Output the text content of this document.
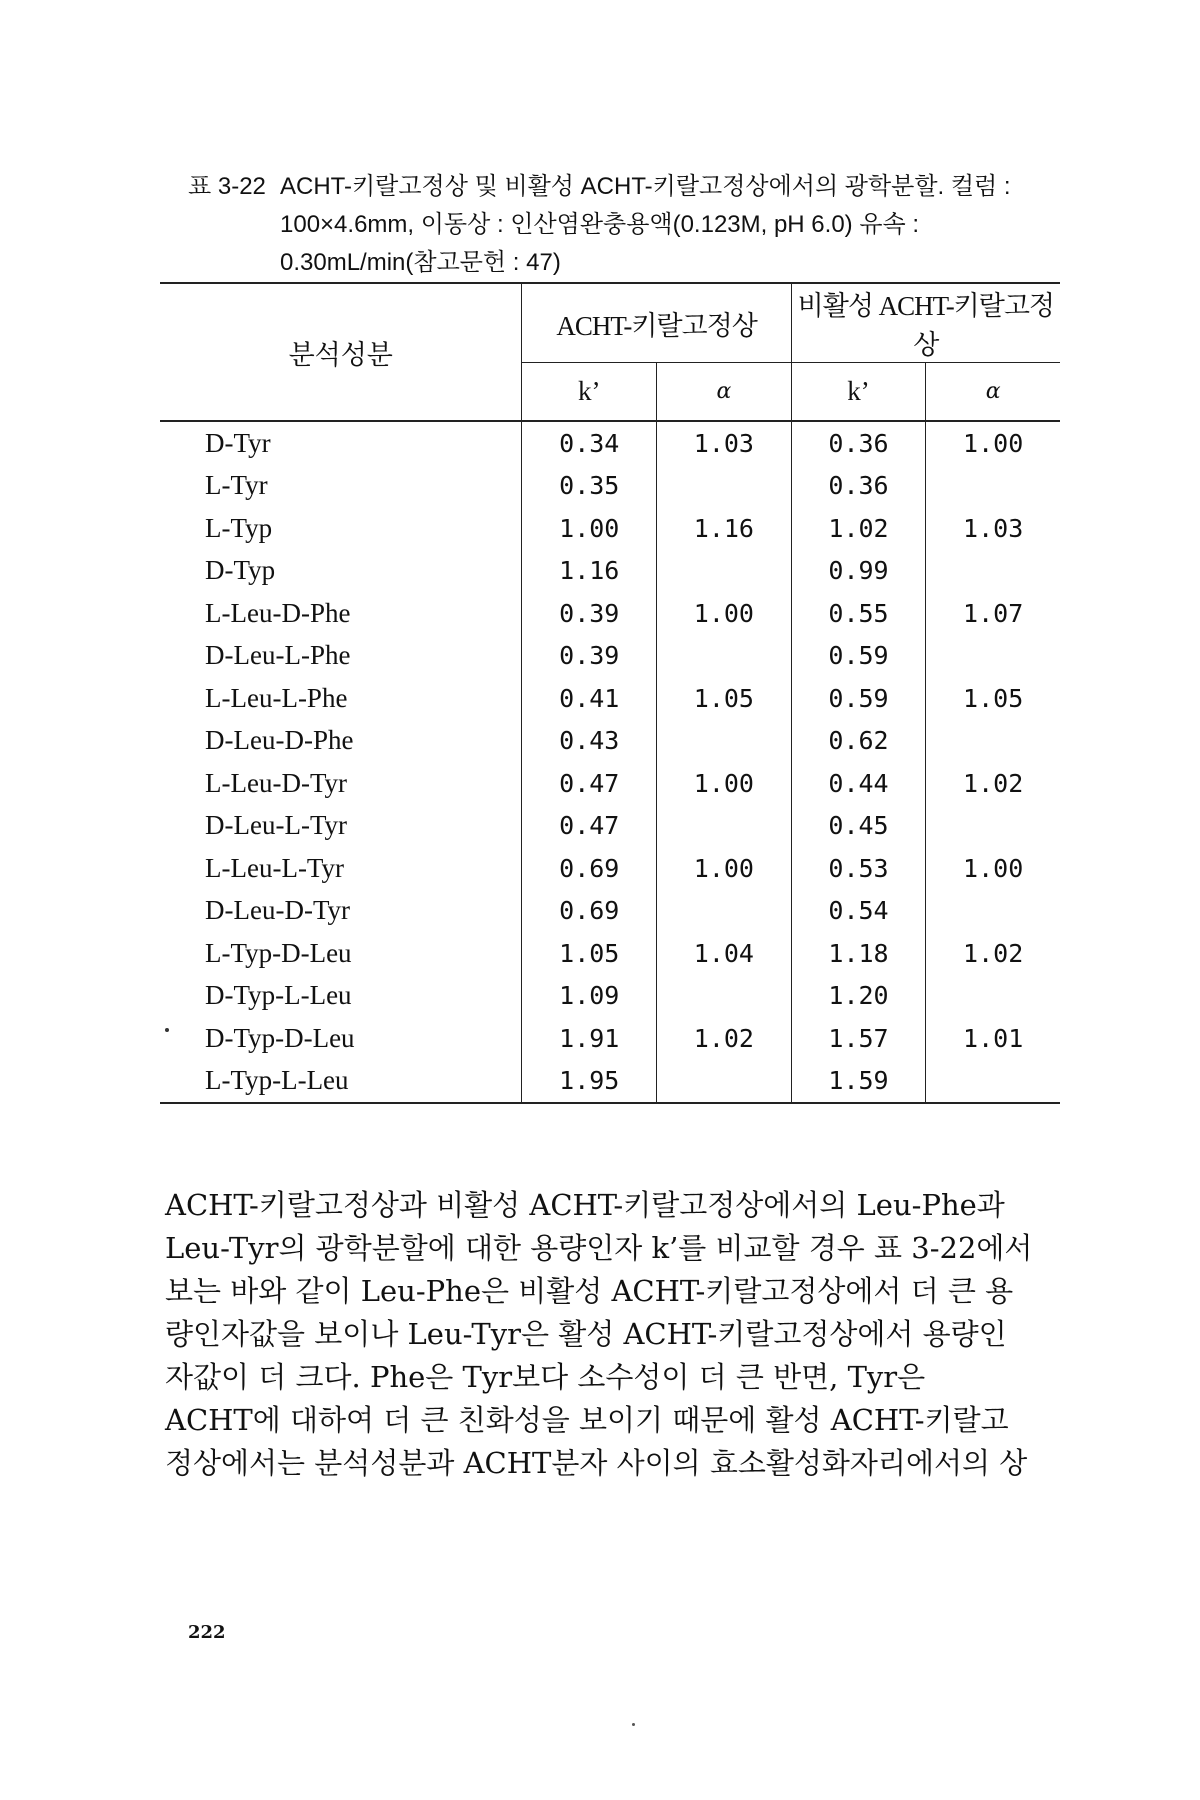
표 3-22 ACHT-키랄고정상 및 비활성 ACHT-키랄고정상에서의 광학분할. 컬럼 : 100×4.6mm, 이동상 : 인산염완충용액(0.123M, pH 6.0) 유속 : 0.30mL/min(참고문헌 : 47)
분석성분	ACHT-키랄고정상		비활성 ACHT-키랄고정상	
	k’	α	k’	α
D-Tyr	0.34	1.03	0.36	1.00
L-Tyr	0.35		0.36	
L-Typ	1.00	1.16	1.02	1.03
D-Typ	1.16		0.99	
L-Leu-D-Phe	0.39	1.00	0.55	1.07
D-Leu-L-Phe	0.39		0.59	
L-Leu-L-Phe	0.41	1.05	0.59	1.05
D-Leu-D-Phe	0.43		0.62	
L-Leu-D-Tyr	0.47	1.00	0.44	1.02
D-Leu-L-Tyr	0.47		0.45	
L-Leu-L-Tyr	0.69	1.00	0.53	1.00
D-Leu-D-Tyr	0.69		0.54	
L-Typ-D-Leu	1.05	1.04	1.18	1.02
D-Typ-L-Leu	1.09		1.20	
D-Typ-D-Leu	1.91	1.02	1.57	1.01
L-Typ-L-Leu	1.95		1.59	

ACHT-키랄고정상과 비활성 ACHT-키랄고정상에서의 Leu-Phe과
Leu-Tyr의 광학분할에 대한 용량인자 k’를 비교할 경우 표 3-22에서
보는 바와 같이 Leu-Phe은 비활성 ACHT-키랄고정상에서 더 큰 용
량인자값을 보이나 Leu-Tyr은 활성 ACHT-키랄고정상에서 용량인
자값이 더 크다. Phe은 Tyr보다 소수성이 더 큰 반면, Tyr은
ACHT에 대하여 더 큰 친화성을 보이기 때문에 활성 ACHT-키랄고
정상에서는 분석성분과 ACHT분자 사이의 효소활성화자리에서의 상

222
